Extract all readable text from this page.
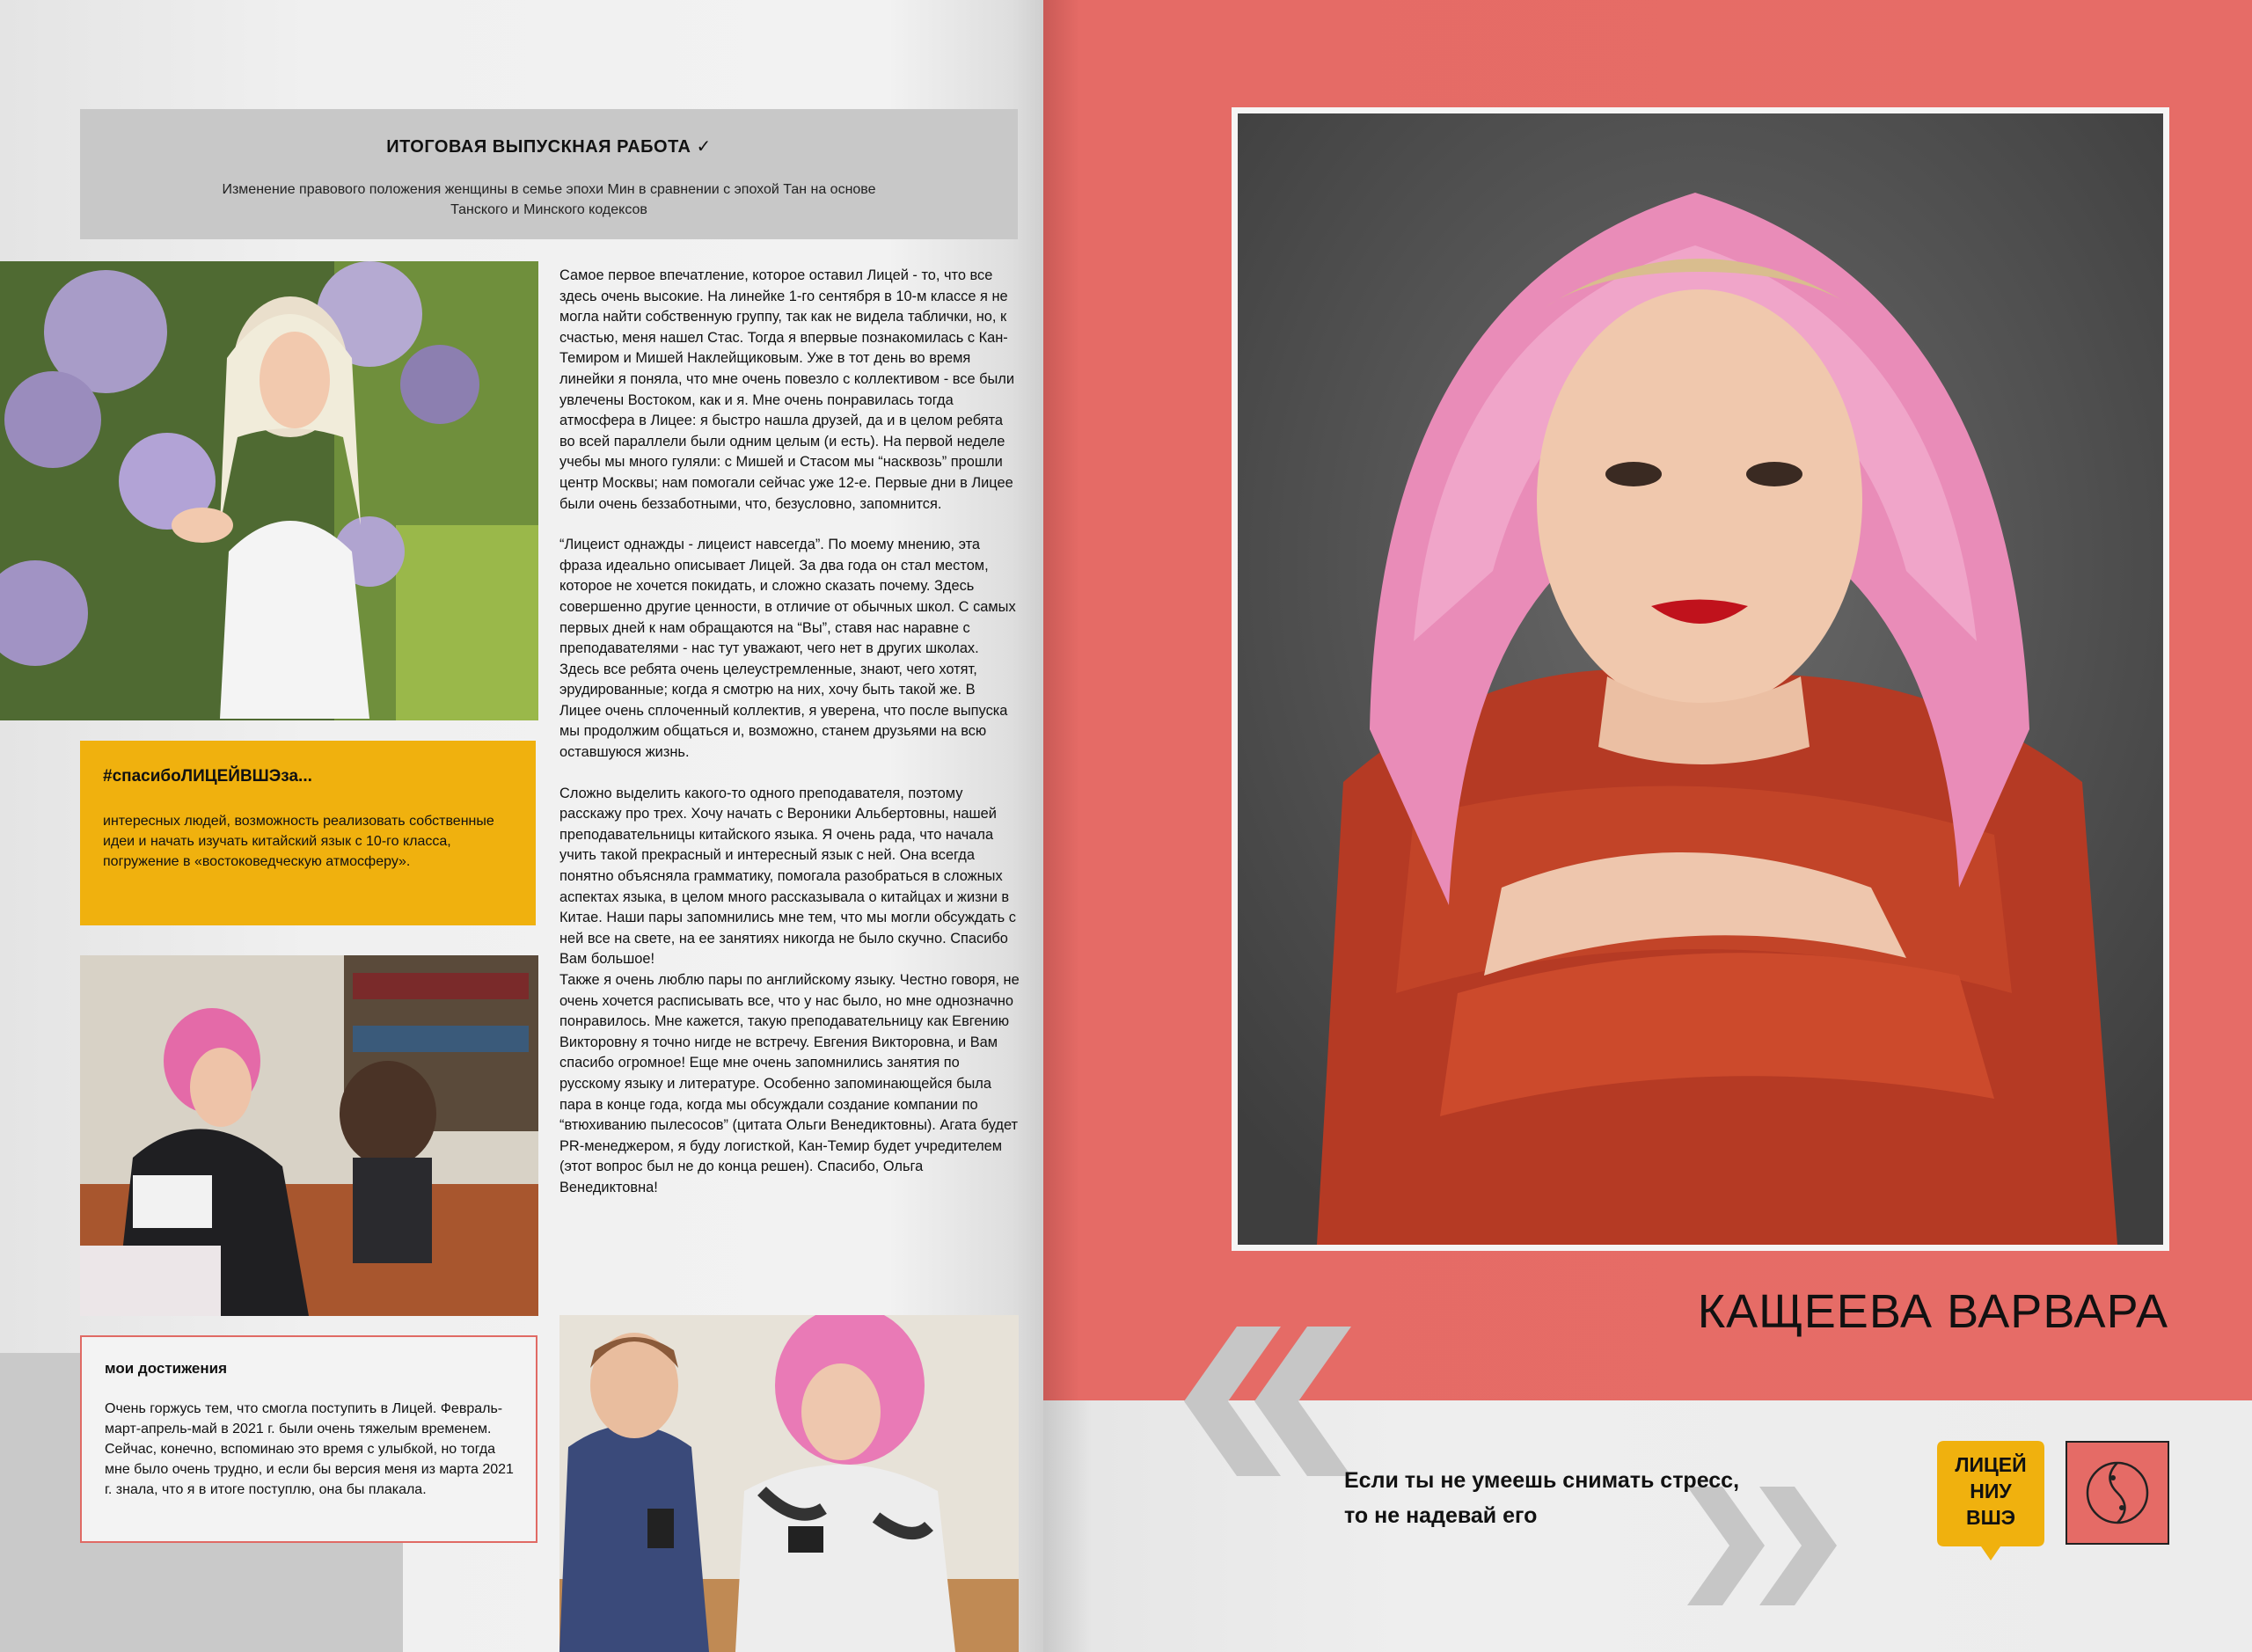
ИТОГОВАЯ ВЫПУСКНАЯ РАБОТА ✓
Изменение правового положения женщины в семье эпохи Мин в сравнении с эпохой Тан на основе Танского и Минского кодексов
#спасибоЛИЦЕЙВШЭза...
интересных людей, возможность реализовать собственные идеи и начать изучать китайский язык с 10-го класса, погружение в «востоковедческую атмосферу».
мои достижения
Очень горжусь тем, что смогла поступить в Лицей. Февраль-март-апрель-май в 2021 г. были очень тяжелым временем. Сейчас, конечно, вспоминаю это время с улыбкой, но тогда мне было очень трудно, и если бы версия меня из марта 2021 г. знала, что я в итоге поступлю, она бы плакала.

Самое первое впечатление, которое оставил Лицей - то, что все здесь очень высокие. На линейке 1-го сентября в 10-м классе я не могла найти собственную группу, так как не видела таблички, но, к счастью, меня нашел Стас. Тогда я впервые познакомилась с Кан-Темиром и Мишей Наклейщиковым. Уже в тот день во время линейки я поняла, что мне очень повезло с коллективом - все были увлечены Востоком, как и я. Мне очень понравилась тогда атмосфера в Лицее: я быстро нашла друзей, да и в целом ребята во всей параллели были одним целым (и есть). На первой неделе учебы мы много гуляли: с Мишей и Стасом мы “насквозь” прошли центр Москвы; нам помогали сейчас уже 12-е. Первые дни в Лицее были очень беззаботными, что, безусловно, запомнится.

“Лицеист однажды - лицеист навсегда”. По моему мнению, эта фраза идеально описывает Лицей. За два года он стал местом, которое не хочется покидать, и сложно сказать почему. Здесь совершенно другие ценности, в отличие от обычных школ. С самых первых дней к нам обращаются на “Вы”, ставя нас наравне с преподавателями - нас тут уважают, чего нет в других школах. Здесь все ребята очень целеустремленные, знают, чего хотят, эрудированные; когда я смотрю на них, хочу быть такой же. В Лицее очень сплоченный коллектив, я уверена, что после выпуска мы продолжим общаться и, возможно, станем друзьями на всю оставшуюся жизнь.

Сложно выделить какого-то одного преподавателя, поэтому расскажу про трех. Хочу начать с Вероники Альбертовны, нашей преподавательницы китайского языка. Я очень рада, что начала учить такой прекрасный и интересный язык с ней. Она всегда понятно объясняла грамматику, помогала разобраться в сложных аспектах языка, в целом много рассказывала о китайцах и жизни в Китае. Наши пары запомнились мне тем, что мы могли обсуждать с ней все на свете, на ее занятиях никогда не было скучно. Спасибо Вам большое!

Также я очень люблю пары по английскому языку. Честно говоря, не очень хочется расписывать все, что у нас было, но мне однозначно понравилось. Мне кажется, такую преподавательницу как Евгению Викторовну я точно нигде не встречу. Евгения Викторовна, и Вам спасибо огромное! Еще мне очень запомнились занятия по русскому языку и литературе. Особенно запоминающейся была пара в конце года, когда мы обсуждали создание компании по “втюхиванию пылесосов” (цитата Ольги Венедиктовны). Агата будет PR-менеджером, я буду логисткой, Кан-Темир будет учредителем (этот вопрос был не до конца решен). Спасибо, Ольга Венедиктовна!

КАЩЕЕВА ВАРВАРА
Если ты не умеешь снимать стресс,
то не надевай его
ЛИЦЕЙ
НИУ
ВШЭ
